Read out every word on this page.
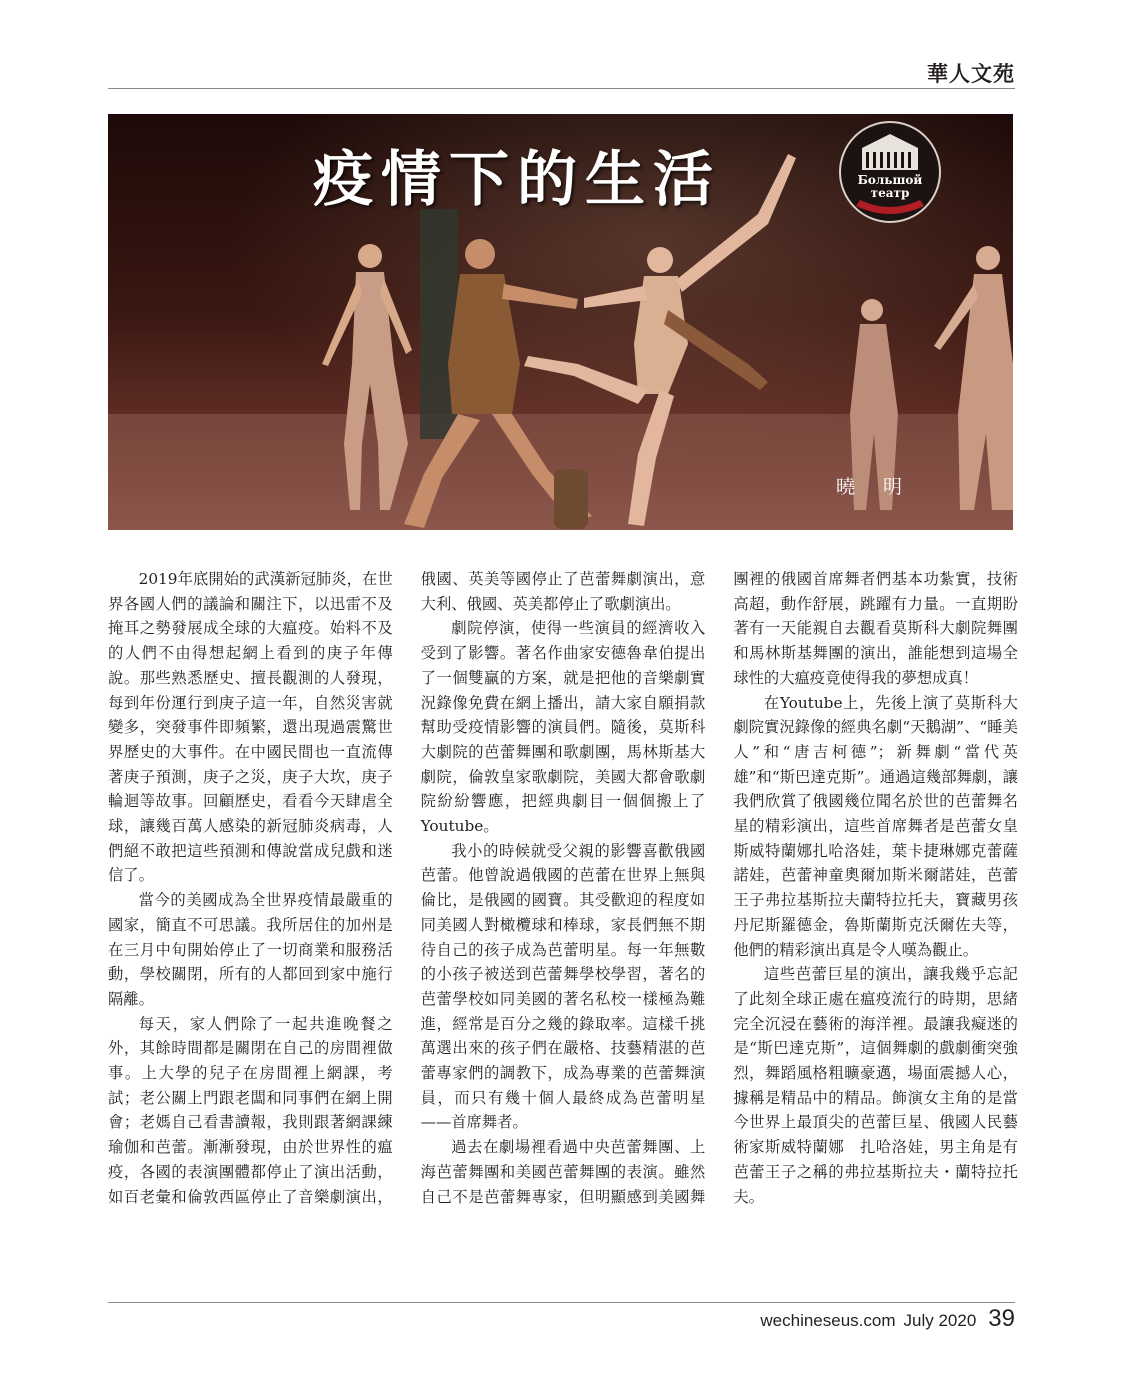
華人文苑
疫情下的生活	Большой
театр
曉明

2019年底開始的武漢新冠肺炎，在世界各國人們的議論和關注下，以迅雷不及掩耳之勢發展成全球的大瘟疫。始料不及的人們不由得想起網上看到的庚子年傳說。那些熟悉歷史、擅長觀測的人發現，每到年份運行到庚子這一年，自然災害就變多，突發事件即頻繁，還出現過震驚世界歷史的大事件。在中國民間也一直流傳著庚子預測，庚子之災，庚子大坎，庚子輪迴等故事。回顧歷史，看看今天肆虐全球，讓幾百萬人感染的新冠肺炎病毒，人們絕不敢把這些預測和傳說當成兒戲和迷信了。

當今的美國成為全世界疫情最嚴重的國家，簡直不可思議。我所居住的加州是在三月中旬開始停止了一切商業和服務活動，學校關閉，所有的人都回到家中施行隔離。

每天，家人們除了一起共進晚餐之外，其餘時間都是關閉在自己的房間裡做事。上大學的兒子在房間裡上網課，考試；老公關上門跟老闆和同事們在網上開會；老媽自己看書讀報，我則跟著網課練瑜伽和芭蕾。漸漸發現，由於世界性的瘟疫，各國的表演團體都停止了演出活動，如百老彙和倫敦西區停止了音樂劇演出，俄國、英美等國停止了芭蕾舞劇演出，意大利、俄國、英美都停止了歌劇演出。

劇院停演，使得一些演員的經濟收入受到了影響。著名作曲家安德魯韋伯提出了一個雙贏的方案，就是把他的音樂劇實況錄像免費在網上播出，請大家自願捐款幫助受疫情影響的演員們。隨後，莫斯科大劇院的芭蕾舞團和歌劇團，馬林斯基大劇院，倫敦皇家歌劇院，美國大都會歌劇院紛紛響應，把經典劇目一個個搬上了Youtube。

我小的時候就受父親的影響喜歡俄國芭蕾。他曾說過俄國的芭蕾在世界上無與倫比，是俄國的國寶。其受歡迎的程度如同美國人對橄欖球和棒球，家長們無不期待自己的孩子成為芭蕾明星。每一年無數的小孩子被送到芭蕾舞學校學習，著名的芭蕾學校如同美國的著名私校一樣極為難進，經常是百分之幾的錄取率。這樣千挑萬選出來的孩子們在嚴格、技藝精湛的芭蕾專家們的調教下，成為專業的芭蕾舞演員，而只有幾十個人最終成為芭蕾明星——首席舞者。

過去在劇場裡看過中央芭蕾舞團、上海芭蕾舞團和美國芭蕾舞團的表演。雖然自己不是芭蕾舞專家，但明顯感到美國舞團裡的俄國首席舞者們基本功紮實，技術高超，動作舒展，跳躍有力量。一直期盼著有一天能親自去觀看莫斯科大劇院舞團和馬林斯基舞團的演出，誰能想到這場全球性的大瘟疫竟使得我的夢想成真！

在Youtube上，先後上演了莫斯科大劇院實況錄像的經典名劇“天鵝湖”、“睡美人”和“唐吉柯德”；新舞劇“當代英雄”和“斯巴達克斯”。通過這幾部舞劇，讓我們欣賞了俄國幾位聞名於世的芭蕾舞名星的精彩演出，這些首席舞者是芭蕾女皇斯威特蘭娜扎哈洛娃，葉卡捷琳娜克蕾薩諾娃，芭蕾神童奧爾加斯米爾諾娃，芭蕾王子弗拉基斯拉夫蘭特拉托夫，寶藏男孩丹尼斯羅德金，魯斯蘭斯克沃爾佐夫等，他們的精彩演出真是令人嘆為觀止。

這些芭蕾巨星的演出，讓我幾乎忘記了此刻全球正處在瘟疫流行的時期，思緒完全沉浸在藝術的海洋裡。最讓我癡迷的是“斯巴達克斯”，這個舞劇的戲劇衝突強烈，舞蹈風格粗曠豪邁，場面震撼人心，據稱是精品中的精品。飾演女主角的是當今世界上最頂尖的芭蕾巨星、俄國人民藝術家斯威特蘭娜　扎哈洛娃，男主角是有芭蕾王子之稱的弗拉基斯拉夫・蘭特拉托夫。

wechineseus.com July 2020 39
